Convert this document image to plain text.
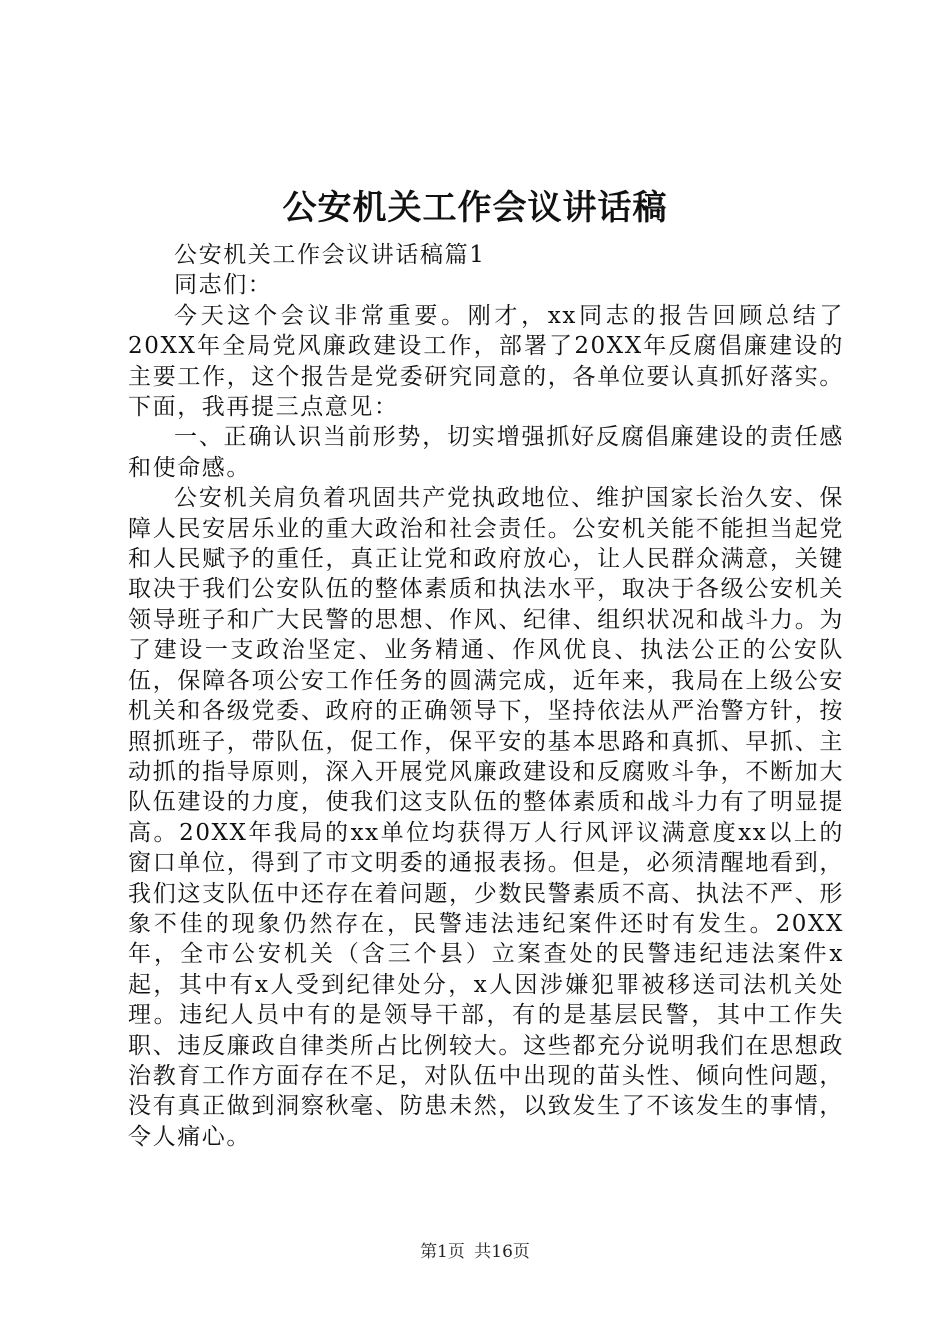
公安机关工作会议讲话稿

公安机关工作会议讲话稿篇1

同志们：

今天这个会议非常重要。刚才，xx同志的报告回顾总结了20XX年全局党风廉政建设工作，部署了20XX年反腐倡廉建设的主要工作，这个报告是党委研究同意的，各单位要认真抓好落实。下面，我再提三点意见：

一、正确认识当前形势，切实增强抓好反腐倡廉建设的责任感和使命感。

公安机关肩负着巩固共产党执政地位、维护国家长治久安、保障人民安居乐业的重大政治和社会责任。公安机关能不能担当起党和人民赋予的重任，真正让党和政府放心，让人民群众满意，关键取决于我们公安队伍的整体素质和执法水平，取决于各级公安机关领导班子和广大民警的思想、作风、纪律、组织状况和战斗力。为了建设一支政治坚定、业务精通、作风优良、执法公正的公安队伍，保障各项公安工作任务的圆满完成，近年来，我局在上级公安机关和各级党委、政府的正确领导下，坚持依法从严治警方针，按照抓班子，带队伍，促工作，保平安的基本思路和真抓、早抓、主动抓的指导原则，深入开展党风廉政建设和反腐败斗争，不断加大队伍建设的力度，使我们这支队伍的整体素质和战斗力有了明显提高。20XX年我局的xx单位均获得万人行风评议满意度xx以上的窗口单位，得到了市文明委的通报表扬。但是，必须清醒地看到，我们这支队伍中还存在着问题，少数民警素质不高、执法不严、形象不佳的现象仍然存在，民警违法违纪案件还时有发生。20XX年，全市公安机关（含三个县）立案查处的民警违纪违法案件x起，其中有x人受到纪律处分，x人因涉嫌犯罪被移送司法机关处理。违纪人员中有的是领导干部，有的是基层民警，其中工作失职、违反廉政自律类所占比例较大。这些都充分说明我们在思想政治教育工作方面存在不足，对队伍中出现的苗头性、倾向性问题，没有真正做到洞察秋毫、防患未然，以致发生了不该发生的事情，令人痛心。

第1页 共16页
